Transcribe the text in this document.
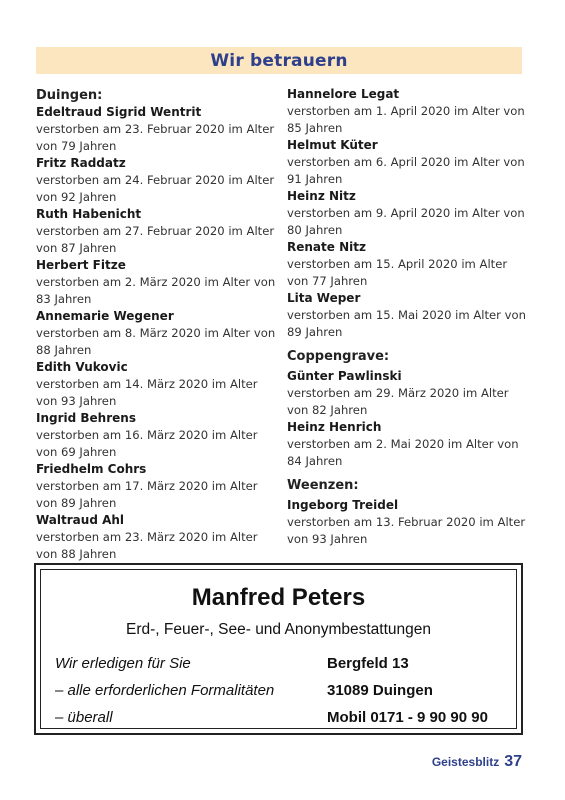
Wir betrauern
Duingen:
Edeltraud Sigrid Wentrit
verstorben am 23. Februar 2020 im Alter von 79 Jahren
Fritz Raddatz
verstorben am 24. Februar 2020 im Alter von 92 Jahren
Ruth Habenicht
verstorben am 27. Februar 2020 im Alter von 87 Jahren
Herbert Fitze
verstorben am 2. März 2020 im Alter von 83 Jahren
Annemarie Wegener
verstorben am 8. März 2020 im Alter von 88 Jahren
Edith Vukovic
verstorben am 14. März 2020 im Alter von 93 Jahren
Ingrid Behrens
verstorben am 16. März 2020 im Alter von 69 Jahren
Friedhelm Cohrs
verstorben am 17. März 2020 im Alter von 89 Jahren
Waltraud Ahl
verstorben am 23. März 2020 im Alter von 88 Jahren
Hannelore Legat
verstorben am 1. April 2020 im Alter von 85 Jahren
Helmut Küter
verstorben am 6. April 2020 im Alter von 91 Jahren
Heinz Nitz
verstorben am 9. April 2020 im Alter von 80 Jahren
Renate Nitz
verstorben am 15. April 2020 im Alter von 77 Jahren
Lita Weper
verstorben am 15. Mai 2020 im Alter von 89 Jahren
Coppengrave:
Günter Pawlinski
verstorben am 29. März 2020 im Alter von 82 Jahren
Heinz Henrich
verstorben am 2. Mai 2020 im Alter von 84 Jahren
Weenzen:
Ingeborg Treidel
verstorben am 13. Februar 2020 im Alter von 93 Jahren
Manfred Peters
Erd-, Feuer-, See- und Anonymbestattungen
Wir erledigen für Sie
– alle erforderlichen Formalitäten
– überall
Bergfeld 13
31089 Duingen
Mobil 0171 - 9 90 90 90
Geistesblitz 37
